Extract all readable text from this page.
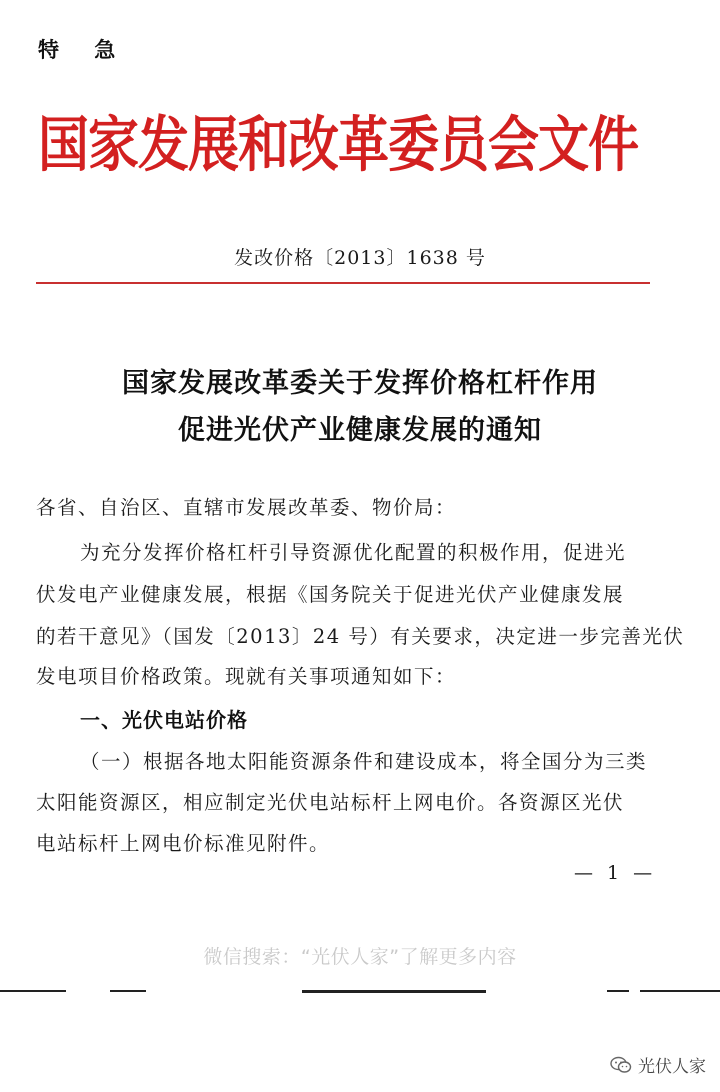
特 急
国家发展和改革委员会文件
发改价格〔2013〕1638 号
国家发展改革委关于发挥价格杠杆作用
促进光伏产业健康发展的通知
各省、自治区、直辖市发展改革委、物价局：
为充分发挥价格杠杆引导资源优化配置的积极作用，促进光
伏发电产业健康发展，根据《国务院关于促进光伏产业健康发展
的若干意见》（国发〔2013〕24 号）有关要求，决定进一步完善光伏
发电项目价格政策。现就有关事项通知如下：
一、光伏电站价格
（一）根据各地太阳能资源条件和建设成本，将全国分为三类
太阳能资源区，相应制定光伏电站标杆上网电价。各资源区光伏
电站标杆上网电价标准见附件。
— 1 —
微信搜索：“光伏人家”了解更多内容
光伏人家
